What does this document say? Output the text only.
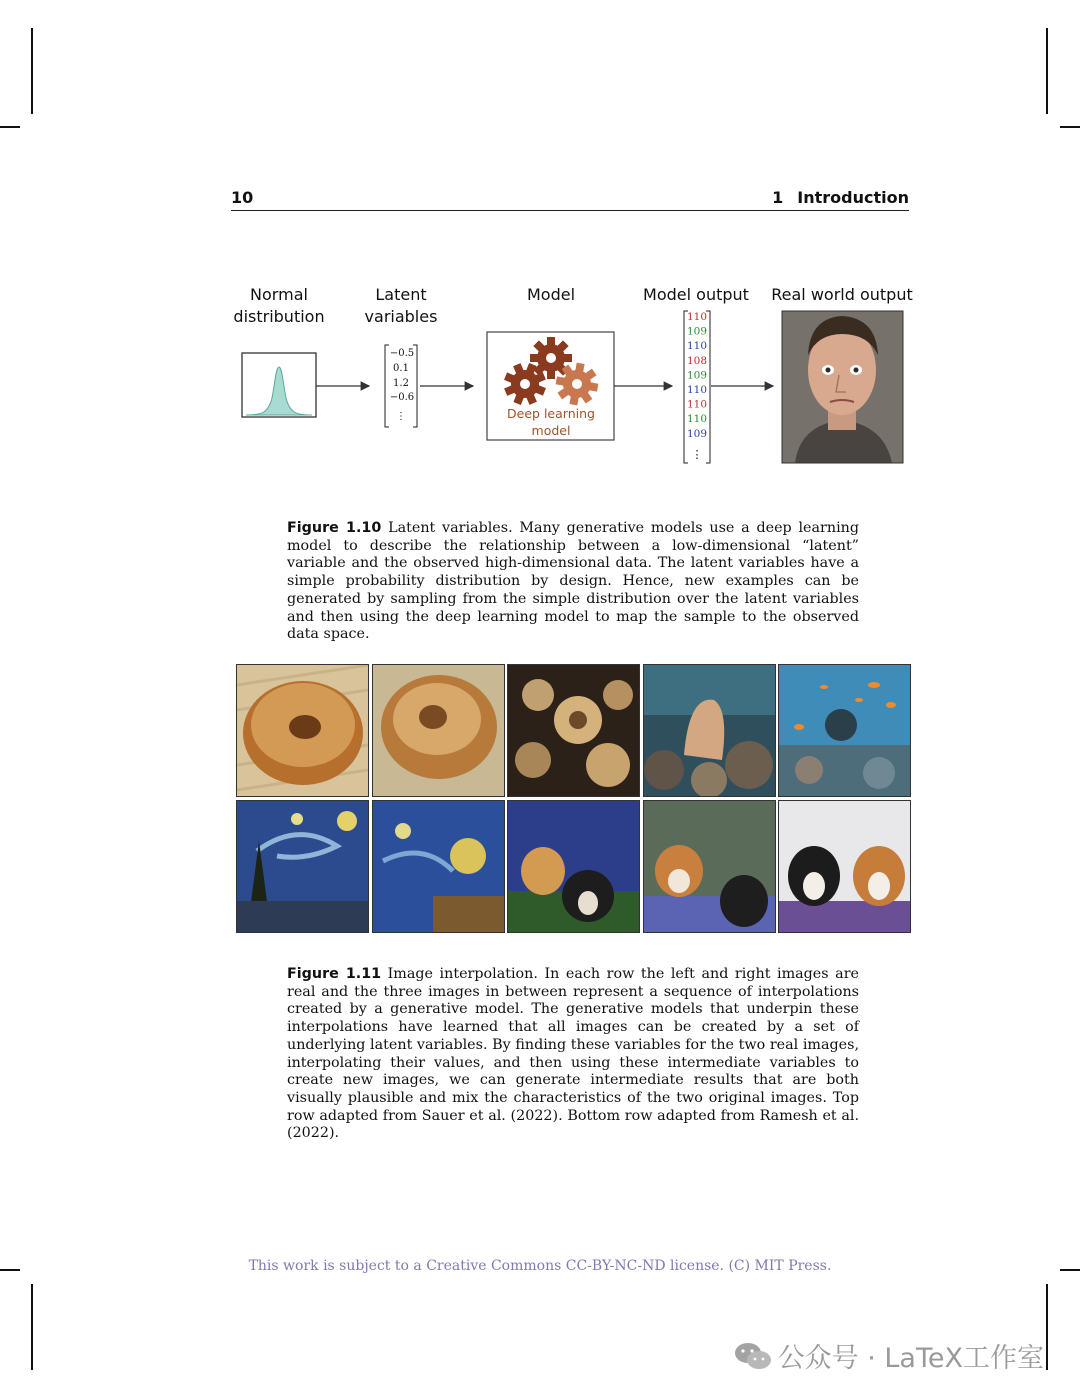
10	1 Introduction
Normal
distribution
Latent
variables
Model	Model output	Real world output
−0.5
0.1
1.2
−0.6
⋮	Deep learning
model
110
109
110
108
109
110
110
110
109
⋮
Figure 1.10 Latent variables. Many generative models use a deep learning model to describe the relationship between a low-dimensional “latent” variable and the observed high-dimensional data. The latent variables have a simple probability distribution by design. Hence, new examples can be generated by sampling from the simple distribution over the latent variables and then using the deep learning model to map the sample to the observed data space.
Figure 1.11 Image interpolation. In each row the left and right images are real and the three images in between represent a sequence of interpolations created by a generative model. The generative models that underpin these interpolations have learned that all images can be created by a set of underlying latent variables. By finding these variables for the two real images, interpolating their values, and then using these intermediate variables to create new images, we can generate intermediate results that are both visually plausible and mix the characteristics of the two original images. Top row adapted from Sauer et al. (2022). Bottom row adapted from Ramesh et al. (2022).
This work is subject to a Creative Commons CC-BY-NC-ND license. (C) MIT Press.
公众号 · LaTeX工作室
